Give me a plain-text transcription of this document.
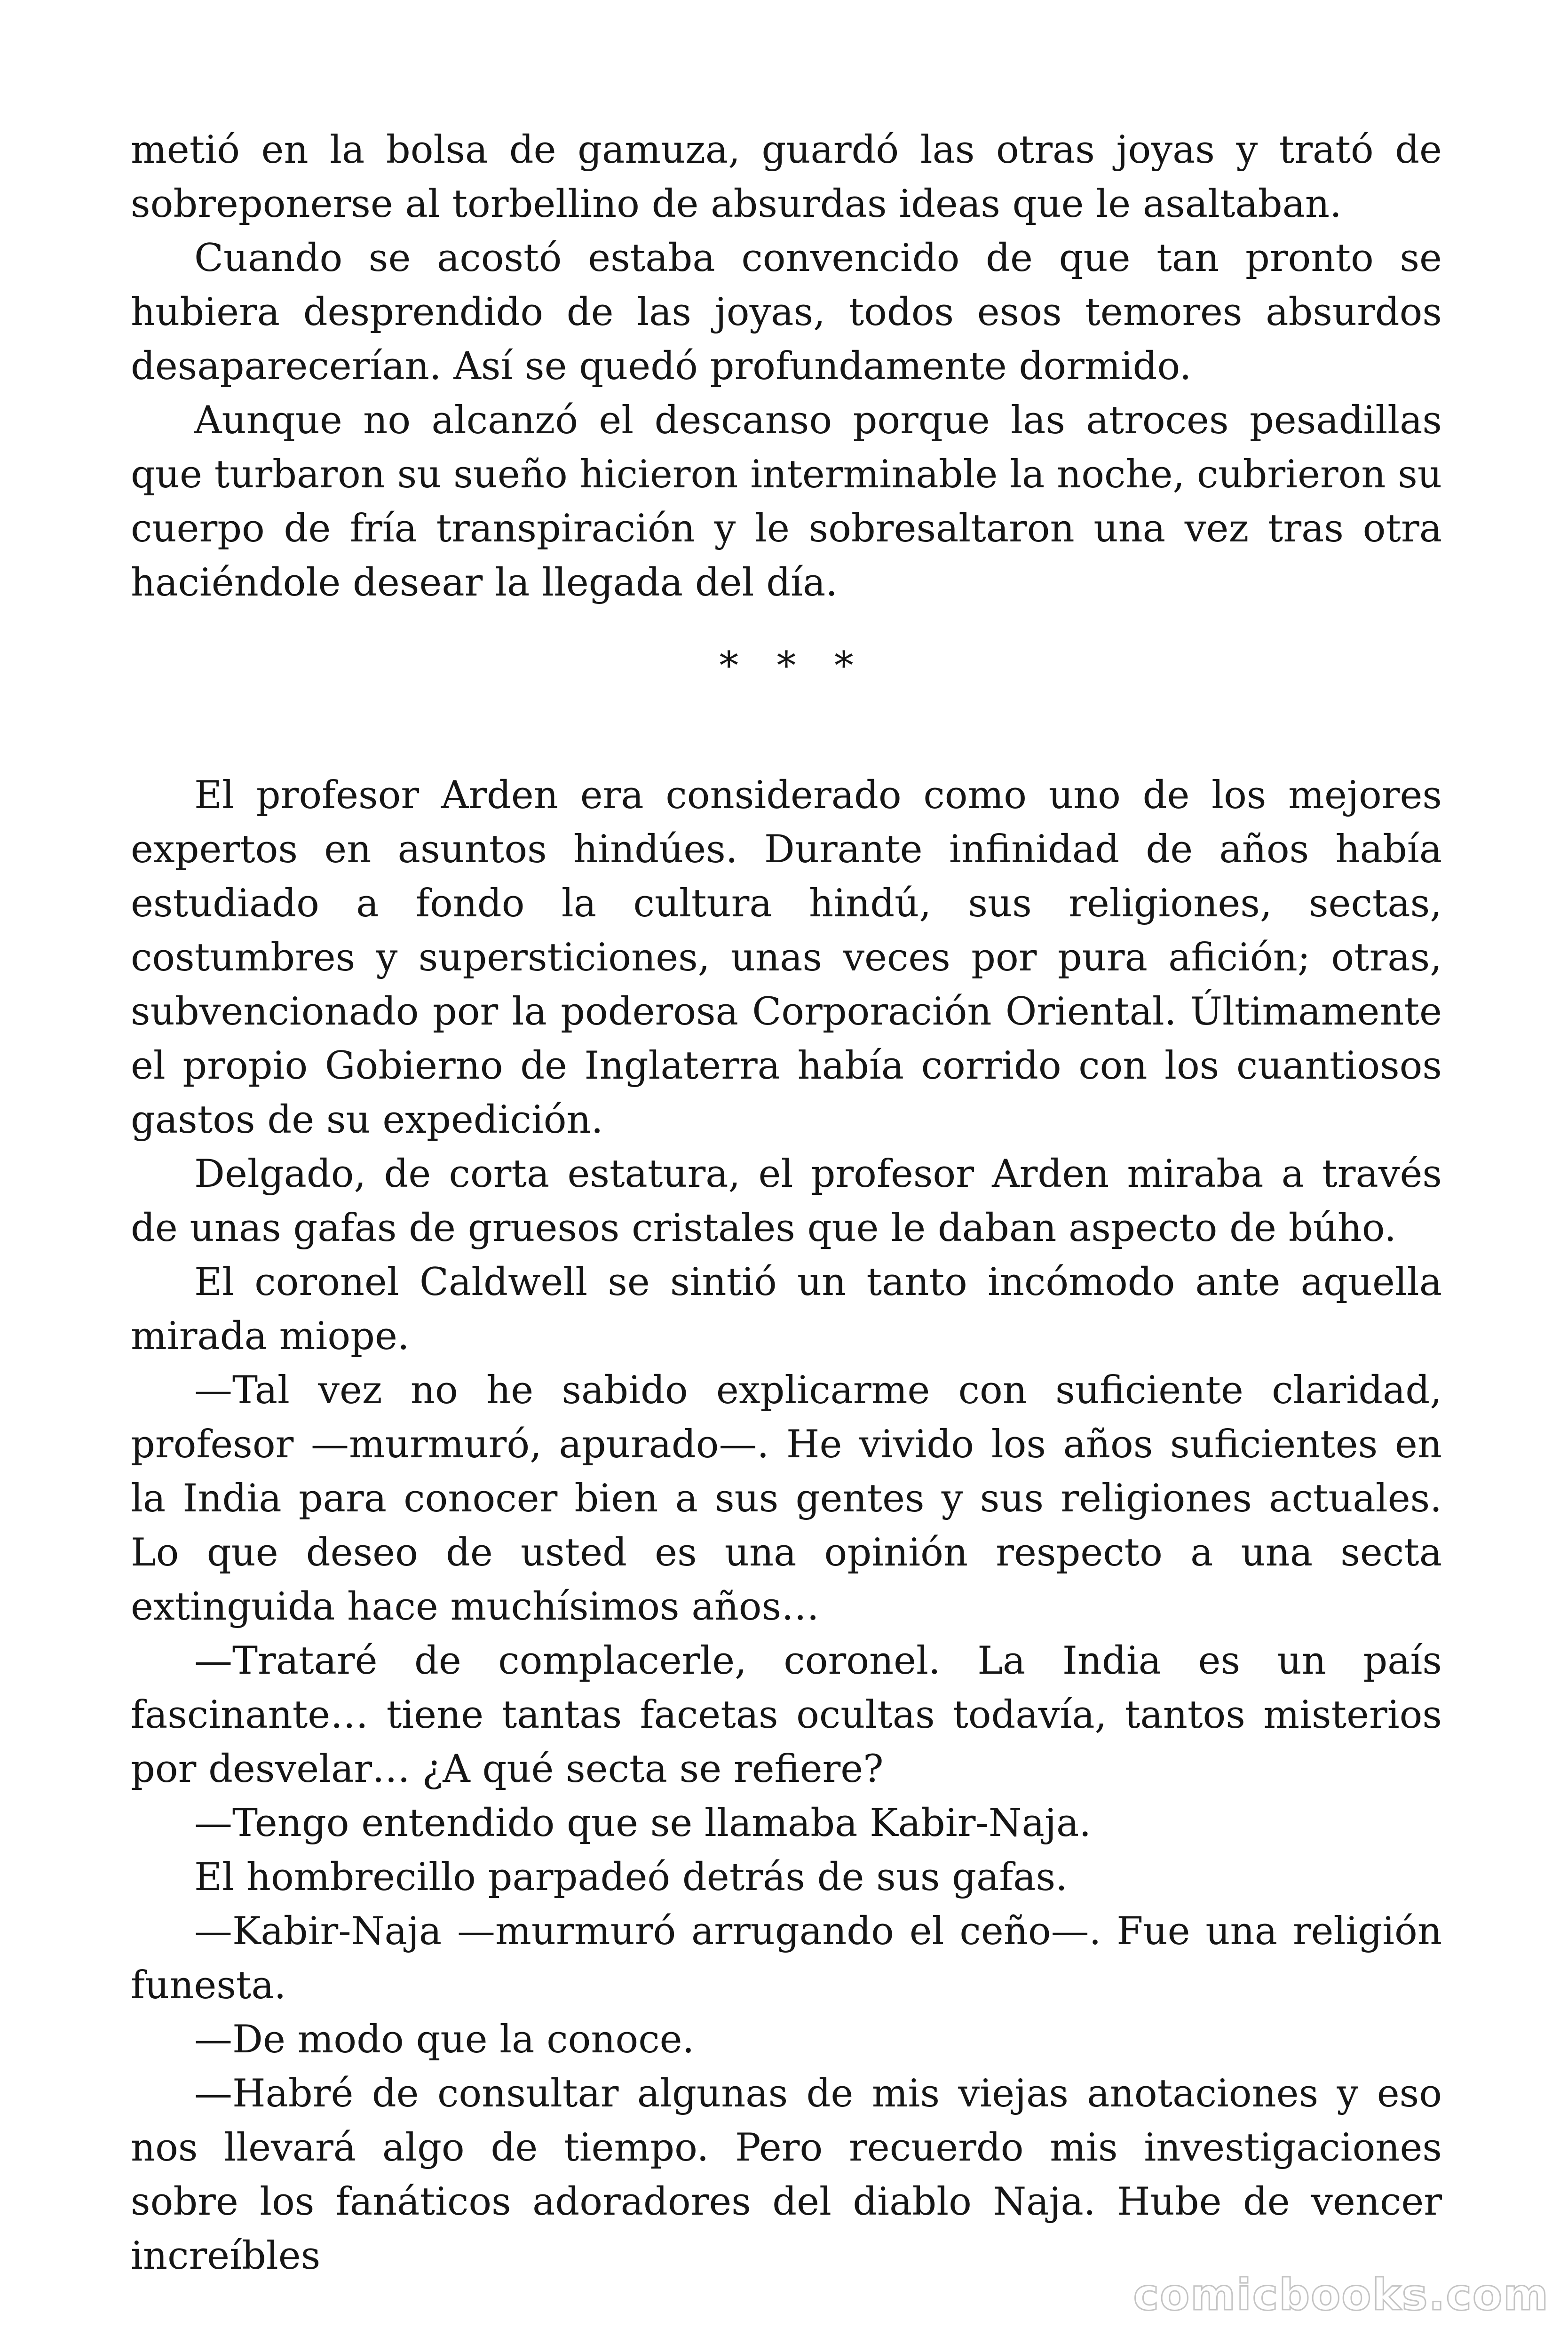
metió en la bolsa de gamuza, guardó las otras joyas y trató de sobreponerse al torbellino de absurdas ideas que le asaltaban.

Cuando se acostó estaba convencido de que tan pronto se hubiera desprendido de las joyas, todos esos temores absurdos desaparecerían. Así se quedó profundamente dormido.

Aunque no alcanzó el descanso porque las atroces pesadillas que turbaron su sueño hicieron interminable la noche, cubrieron su cuerpo de fría transpiración y le sobresaltaron una vez tras otra haciéndole desear la llegada del día.

* * *

El profesor Arden era considerado como uno de los mejores expertos en asuntos hindúes. Durante infinidad de años había estudiado a fondo la cultura hindú, sus religiones, sectas, costumbres y supersticiones, unas veces por pura afición; otras, subvencionado por la poderosa Corporación Oriental. Últimamente el propio Gobierno de Inglaterra había corrido con los cuantiosos gastos de su expedición.

Delgado, de corta estatura, el profesor Arden miraba a través de unas gafas de gruesos cristales que le daban aspecto de búho.

El coronel Caldwell se sintió un tanto incómodo ante aquella mirada miope.

—Tal vez no he sabido explicarme con suficiente claridad, profesor —murmuró, apurado—. He vivido los años suficientes en la India para conocer bien a sus gentes y sus religiones actuales. Lo que deseo de usted es una opinión respecto a una secta extinguida hace muchísimos años…

—Trataré de complacerle, coronel. La India es un país fascinante… tiene tantas facetas ocultas todavía, tantos misterios por desvelar… ¿A qué secta se refiere?

—Tengo entendido que se llamaba Kabir-Naja.

El hombrecillo parpadeó detrás de sus gafas.

—Kabir-Naja —murmuró arrugando el ceño—. Fue una religión funesta.

—De modo que la conoce.

—Habré de consultar algunas de mis viejas anotaciones y eso nos llevará algo de tiempo. Pero recuerdo mis investigaciones sobre los fanáticos adoradores del diablo Naja. Hube de vencer increíbles

comicbooks.com
